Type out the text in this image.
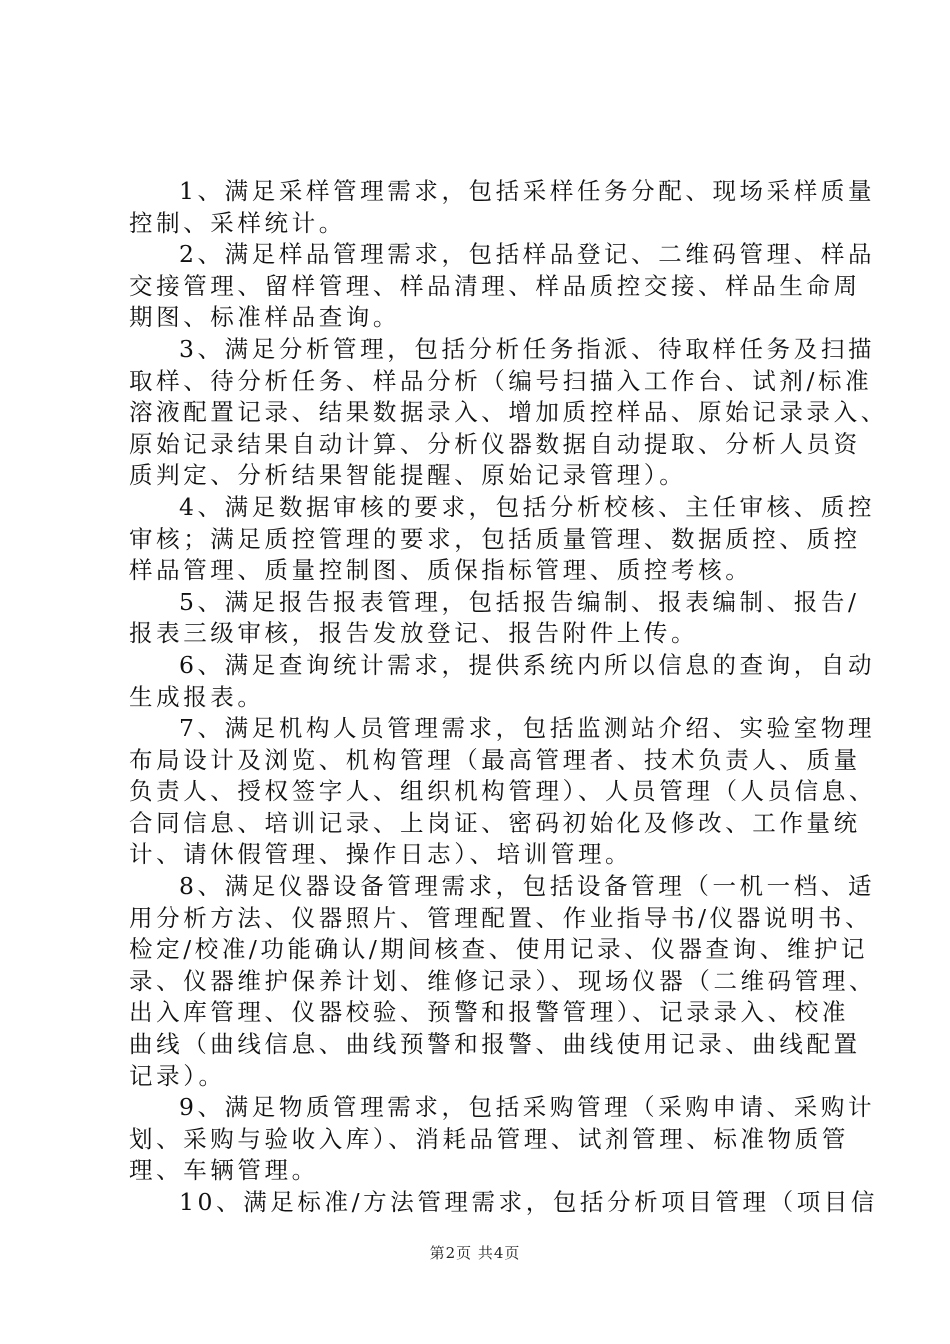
1、满足采样管理需求，包括采样任务分配、现场采样质量
控制、采样统计。
2、满足样品管理需求，包括样品登记、二维码管理、样品
交接管理、留样管理、样品清理、样品质控交接、样品生命周
期图、标准样品查询。
3、满足分析管理，包括分析任务指派、待取样任务及扫描
取样、待分析任务、样品分析（编号扫描入工作台、试剂/标准
溶液配置记录、结果数据录入、增加质控样品、原始记录录入、
原始记录结果自动计算、分析仪器数据自动提取、分析人员资
质判定、分析结果智能提醒、原始记录管理）。
4、满足数据审核的要求，包括分析校核、主任审核、质控
审核；满足质控管理的要求，包括质量管理、数据质控、质控
样品管理、质量控制图、质保指标管理、质控考核。
5、满足报告报表管理，包括报告编制、报表编制、报告/
报表三级审核，报告发放登记、报告附件上传。
6、满足查询统计需求，提供系统内所以信息的查询，自动
生成报表。
7、满足机构人员管理需求，包括监测站介绍、实验室物理
布局设计及浏览、机构管理（最高管理者、技术负责人、质量
负责人、授权签字人、组织机构管理）、人员管理（人员信息、
合同信息、培训记录、上岗证、密码初始化及修改、工作量统
计、请休假管理、操作日志）、培训管理。
8、满足仪器设备管理需求，包括设备管理（一机一档、适
用分析方法、仪器照片、管理配置、作业指导书/仪器说明书、
检定/校准/功能确认/期间核查、使用记录、仪器查询、维护记
录、仪器维护保养计划、维修记录）、现场仪器（二维码管理、
出入库管理、仪器校验、预警和报警管理）、记录录入、校准
曲线（曲线信息、曲线预警和报警、曲线使用记录、曲线配置
记录）。
9、满足物质管理需求，包括采购管理（采购申请、采购计
划、采购与验收入库）、消耗品管理、试剂管理、标准物质管
理、车辆管理。
10、满足标准/方法管理需求，包括分析项目管理（项目信
第2页 共4页
